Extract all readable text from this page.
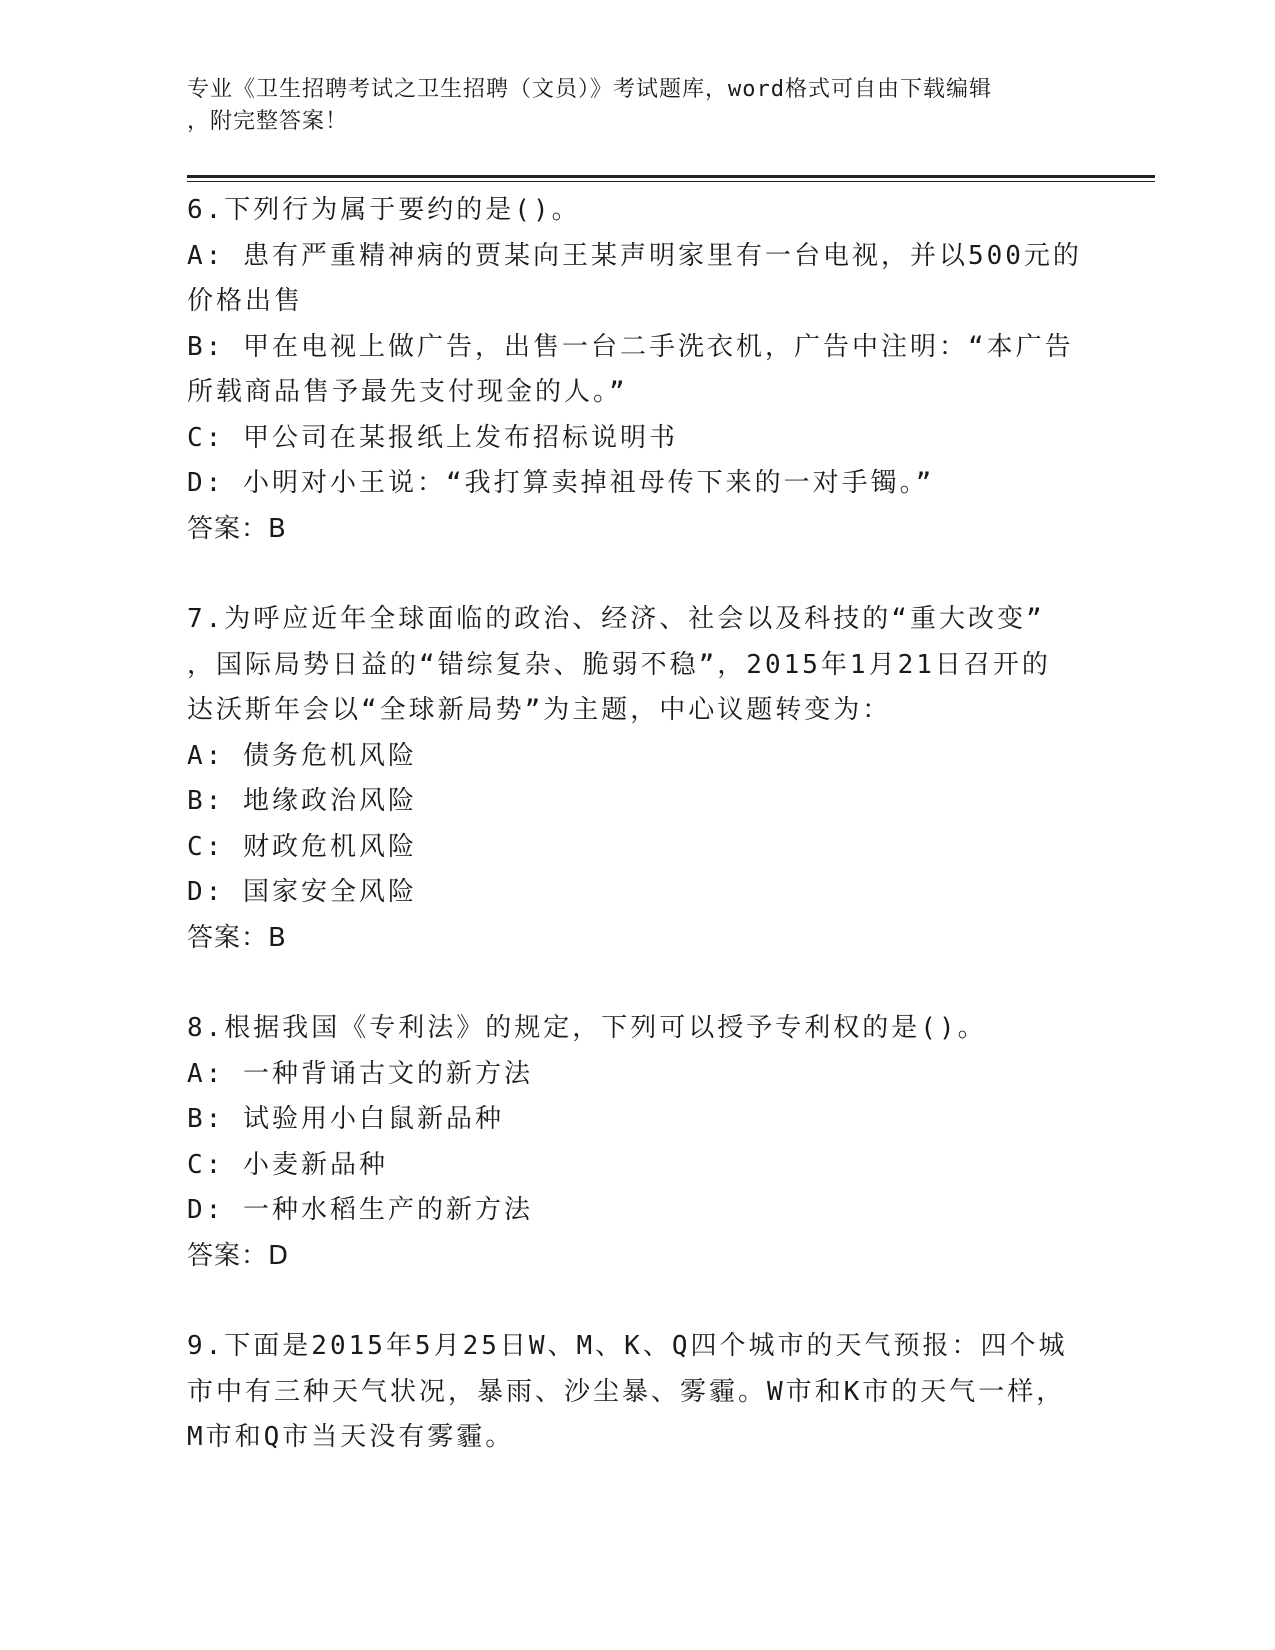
专业《卫生招聘考试之卫生招聘（文员）》考试题库，word格式可自由下载编辑
，附完整答案！
6.下列行为属于要约的是()。
A: 患有严重精神病的贾某向王某声明家里有一台电视，并以500元的
价格出售
B: 甲在电视上做广告，出售一台二手洗衣机，广告中注明：“本广告
所载商品售予最先支付现金的人。”
C: 甲公司在某报纸上发布招标说明书
D: 小明对小王说：“我打算卖掉祖母传下来的一对手镯。”
答案：B
7.为呼应近年全球面临的政治、经济、社会以及科技的“重大改变”
，国际局势日益的“错综复杂、脆弱不稳”，2015年1月21日召开的
达沃斯年会以“全球新局势”为主题，中心议题转变为：
A: 债务危机风险
B: 地缘政治风险
C: 财政危机风险
D: 国家安全风险
答案：B
8.根据我国《专利法》的规定，下列可以授予专利权的是()。
A: 一种背诵古文的新方法
B: 试验用小白鼠新品种
C: 小麦新品种
D: 一种水稻生产的新方法
答案：D
9.下面是2015年5月25日W、M、K、Q四个城市的天气预报：四个城
市中有三种天气状况，暴雨、沙尘暴、雾霾。W市和K市的天气一样，
M市和Q市当天没有雾霾。
